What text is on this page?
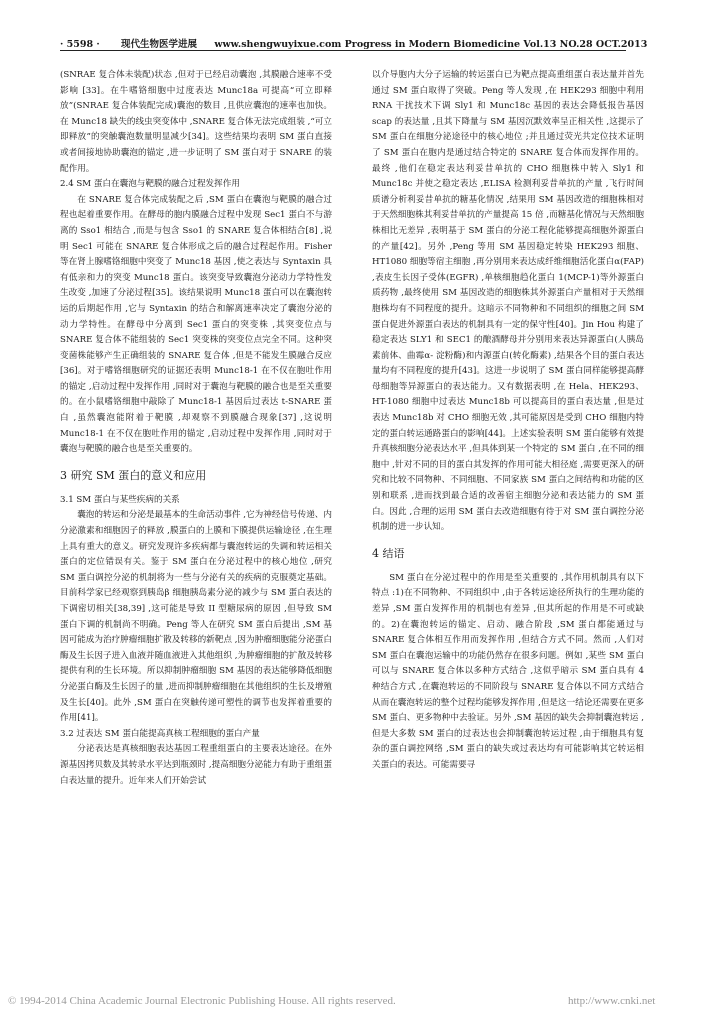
· 5598 · 现代生物医学进展 www.shengwuyixue.com Progress in Modern Biomedicine Vol.13 NO.28 OCT.2013

(SNRAE 复合体未装配)状态 ,但对于已经启动囊泡 ,其膜融合速率不受影响 [33]。在牛嗜铬细胞中过度表达 Munc18a 可提高“可立即释放”(SNRAE 复合体装配完成)囊泡的数目 ,且供应囊泡的速率也加快。在 Munc18 缺失的线虫突变体中 ,SNARE 复合体无法完成组装 ,“可立即释放”的突触囊泡数量明显减少[34]。这些结果均表明 SM 蛋白直接或者间接地协助囊泡的锚定 ,进一步证明了 SM 蛋白对于 SNARE 的装配作用。

2.4 SM 蛋白在囊泡与靶膜的融合过程发挥作用

在 SNARE 复合体完成装配之后 ,SM 蛋白在囊泡与靶膜的融合过程也起着重要作用。在酵母的胞内膜融合过程中发现 Sec1 蛋白不与游离的 Sso1 相结合 ,而是与包含 Sso1 的 SNARE 复合体相结合[8] ,说明 Sec1 可能在 SNARE 复合体形成之后的融合过程起作用。Fisher 等在肾上腺嗜铬细胞中突变了 Munc18 基因 ,使之表达与 Syntaxin 具有低亲和力的突变 Munc18 蛋白。该突变导致囊泡分泌动力学特性发生改变 ,加速了分泌过程[35]。该结果说明 Munc18 蛋白可以在囊泡转运的后期起作用 ,它与 Syntaxin 的结合和解离速率决定了囊泡分泌的动力学特性。在酵母中分离到 Sec1 蛋白的突变株 ,其突变位点与 SNARE 复合体不能组装的 Sec1 突变株的突变位点完全不同。这种突变菌株能够产生正确组装的 SNARE 复合体 ,但是不能发生膜融合反应 [36]。对于嗜铬细胞研究的证据还表明 Munc18-1 在不仅在胞吐作用的锚定 ,启动过程中发挥作用 ,同时对于囊泡与靶膜的融合也是至关重要的。在小鼠嗜铬细胞中敲除了 Munc18-1 基因后过表达 t-SNARE 蛋白 ,虽然囊泡能附着于靶膜 ,却观察不到膜融合现象[37] ,这说明 Munc18-1 在不仅在胞吐作用的锚定 ,启动过程中发挥作用 ,同时对于囊泡与靶膜的融合也是至关重要的。

3 研究 SM 蛋白的意义和应用

3.1 SM 蛋白与某些疾病的关系

囊泡的转运和分泌是最基本的生命活动事件 ,它为神经信号传递、内分泌激素和细胞因子的释放 ,膜蛋白的上膜和下膜提供运输途径 ,在生理上具有重大的意义。研究发现许多疾病都与囊泡转运的失调和转运相关蛋白的定位错误有关。鉴于 SM 蛋白在分泌过程中的核心地位 ,研究 SM 蛋白调控分泌的机制将为一些与分泌有关的疾病的克服奠定基础。目前科学家已经观察到胰岛β 细胞胰岛素分泌的减少与 SM 蛋白表达的下调密切相关[38,39] ,这可能是导致 II 型糖尿病的原因 ,但导致 SM 蛋白下调的机制尚不明确。Peng 等人在研究 SM 蛋白后提出 ,SM 基因可能成为治疗肿瘤细胞扩散及转移的新靶点 ,因为肿瘤细胞能分泌蛋白酶及生长因子进入血液并随血液进入其他组织 ,为肿瘤细胞的扩散及转移提供有利的生长环境。所以抑制肿瘤细胞 SM 基因的表达能够降低细胞分泌蛋白酶及生长因子的量 ,进而抑制肿瘤细胞在其他组织的生长及增殖及生长[40]。此外 ,SM 蛋白在突触传递可塑性的调节也发挥着重要的作用[41]。

3.2 过表达 SM 蛋白能提高真核工程细胞的蛋白产量

分泌表达是真核细胞表达基因工程重组蛋白的主要表达途径。在外源基因拷贝数及其转录水平达到瓶颈时 ,提高细胞分泌能力有助于重组蛋白表达量的提升。近年来人们开始尝试

以介导胞内大分子运输的转运蛋白已为靶点提高重组蛋白表达量并首先通过 SM 蛋白取得了突破。Peng 等人发现 ,在 HEK293 细胞中利用 RNA 干扰技术下调 Sly1 和 Munc18c 基因的表达会降低报告基因 scap 的表达量 ,且其下降量与 SM 基因沉默效率呈正相关性 ,这提示了 SM 蛋白在细胞分泌途径中的核心地位 ;并且通过荧光共定位技术证明了 SM 蛋白在胞内是通过结合特定的 SNARE 复合体而发挥作用的。最终 ,他们在稳定表达利妥昔单抗的 CHO 细胞株中转入 Sly1 和 Munc18c 并使之稳定表达 ,ELISA 检测利妥昔单抗的产量 ,飞行时间质谱分析利妥昔单抗的糖基化情况 ,结果用 SM 基因改造的细胞株相对于天然细胞株其利妥昔单抗的产量提高 15 倍 ,而糖基化情况与天然细胞株相比无差异 ,表明基于 SM 蛋白的分泌工程化能够提高细胞外源蛋白的产量[42]。另外 ,Peng 等用 SM 基因稳定转染 HEK293 细胞、HT1080 细胞等宿主细胞 ,再分别用来表达成纤维细胞活化蛋白α(FAP) ,表皮生长因子受体(EGFR) ,单核细胞趋化蛋白 1(MCP-1)等外源蛋白质药物 ,最终使用 SM 基因改造的细胞株其外源蛋白产量相对于天然细胞株均有不同程度的提升。这暗示不同物种和不同组织的细胞之间 SM 蛋白促进外源蛋白表达的机制具有一定的保守性[40]。Jin Hou 构建了稳定表达 SLY1 和 SEC1 的酿酒酵母并分别用来表达异源蛋白(人胰岛素前体、曲霉α- 淀粉酶)和内源蛋白(转化酶素) ,结果各个目的蛋白表达量均有不同程度的提升[43]。这进一步说明了 SM 蛋白同样能够提高酵母细胞等异源蛋白的表达能力。又有数据表明 ,在 Hela、HEK293、HT-1080 细胞中过表达 Munc18b 可以提高目的蛋白表达量 ,但是过表达 Munc18b 对 CHO 细胞无效 ,其可能原因是受到 CHO 细胞内特定的蛋白转运通路蛋白的影响[44]。上述实验表明 SM 蛋白能够有效提升真核细胞分泌表达水平 ,但具体到某一个特定的 SM 蛋白 ,在不同的细胞中 ,针对不同的目的蛋白其发挥的作用可能大相径庭 ,需要更深入的研究和比较不同物种、不同细胞、不同家族 SM 蛋白之间结构和功能的区别和联系 ,进而找到最合适的改善宿主细胞分泌和表达能力的 SM 蛋白。因此 ,合理的运用 SM 蛋白去改造细胞有待于对 SM 蛋白调控分泌机制的进一步认知。

4 结语

SM 蛋白在分泌过程中的作用是至关重要的 ,其作用机制具有以下特点 :1)在不同物种、不同组织中 ,由于各转运途径所执行的生理功能的差异 ,SM 蛋白发挥作用的机制也有差异 ,但其所起的作用是不可或缺的。2)在囊泡转运的锚定、启动、融合阶段 ,SM 蛋白都能通过与 SNARE 复合体相互作用而发挥作用 ,但结合方式不同。然而 ,人们对 SM 蛋白在囊泡运输中的功能仍然存在很多问题。例如 ,某些 SM 蛋白可以与 SNARE 复合体以多种方式结合 ,这似乎暗示 SM 蛋白具有 4 种结合方式 ,在囊泡转运的不同阶段与 SNARE 复合体以不同方式结合从而在囊泡转运的整个过程均能够发挥作用 ,但是这一结论还需要在更多 SM 蛋白、更多物种中去验证。另外 ,SM 基因的缺失会抑制囊泡转运 ,但是大多数 SM 蛋白的过表达也会抑制囊泡转运过程 ,由于细胞具有复杂的蛋白调控网络 ,SM 蛋白的缺失或过表达均有可能影响其它转运相关蛋白的表达。可能需要寻

© 1994-2014 China Academic Journal Electronic Publishing House. All rights reserved.	http://www.cnki.net
